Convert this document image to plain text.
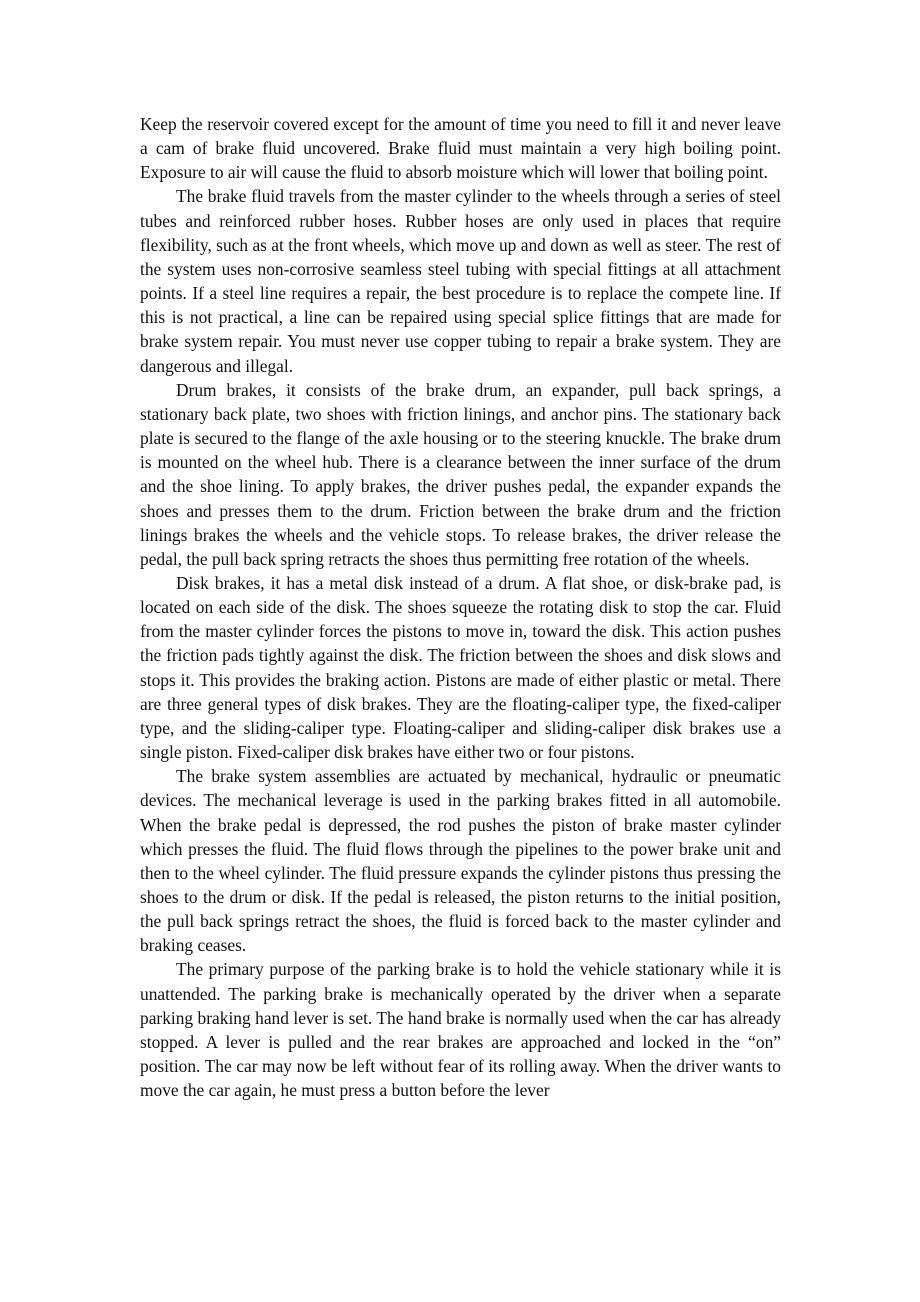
Keep the reservoir covered except for the amount of time you need to fill it and never leave a cam of brake fluid uncovered. Brake fluid must maintain a very high boiling point. Exposure to air will cause the fluid to absorb moisture which will lower that boiling point.

The brake fluid travels from the master cylinder to the wheels through a series of steel tubes and reinforced rubber hoses. Rubber hoses are only used in places that require flexibility, such as at the front wheels, which move up and down as well as steer. The rest of the system uses non-corrosive seamless steel tubing with special fittings at all attachment points. If a steel line requires a repair, the best procedure is to replace the compete line. If this is not practical, a line can be repaired using special splice fittings that are made for brake system repair. You must never use copper tubing to repair a brake system. They are dangerous and illegal.

Drum brakes, it consists of the brake drum, an expander, pull back springs, a stationary back plate, two shoes with friction linings, and anchor pins. The stationary back plate is secured to the flange of the axle housing or to the steering knuckle. The brake drum is mounted on the wheel hub. There is a clearance between the inner surface of the drum and the shoe lining. To apply brakes, the driver pushes pedal, the expander expands the shoes and presses them to the drum. Friction between the brake drum and the friction linings brakes the wheels and the vehicle stops. To release brakes, the driver release the pedal, the pull back spring retracts the shoes thus permitting free rotation of the wheels.

Disk brakes, it has a metal disk instead of a drum. A flat shoe, or disk-brake pad, is located on each side of the disk. The shoes squeeze the rotating disk to stop the car. Fluid from the master cylinder forces the pistons to move in, toward the disk. This action pushes the friction pads tightly against the disk. The friction between the shoes and disk slows and stops it. This provides the braking action. Pistons are made of either plastic or metal. There are three general types of disk brakes. They are the floating-caliper type, the fixed-caliper type, and the sliding-caliper type. Floating-caliper and sliding-caliper disk brakes use a single piston. Fixed-caliper disk brakes have either two or four pistons.

The brake system assemblies are actuated by mechanical, hydraulic or pneumatic devices. The mechanical leverage is used in the parking brakes fitted in all automobile. When the brake pedal is depressed, the rod pushes the piston of brake master cylinder which presses the fluid. The fluid flows through the pipelines to the power brake unit and then to the wheel cylinder. The fluid pressure expands the cylinder pistons thus pressing the shoes to the drum or disk. If the pedal is released, the piston returns to the initial position, the pull back springs retract the shoes, the fluid is forced back to the master cylinder and braking ceases.

The primary purpose of the parking brake is to hold the vehicle stationary while it is unattended. The parking brake is mechanically operated by the driver when a separate parking braking hand lever is set. The hand brake is normally used when the car has already stopped. A lever is pulled and the rear brakes are approached and locked in the “on” position. The car may now be left without fear of its rolling away. When the driver wants to move the car again, he must press a button before the lever
